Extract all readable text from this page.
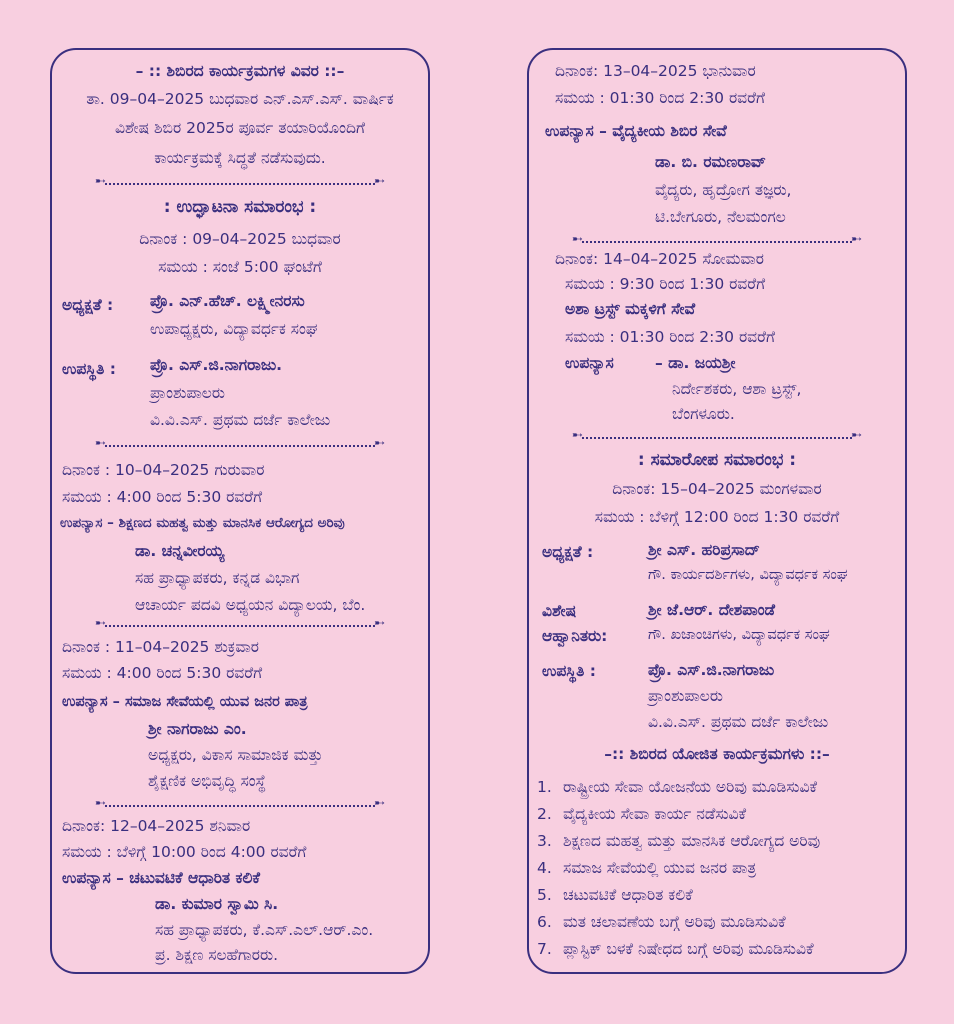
– :: ಶಿಬಿರದ ಕಾರ್ಯಕ್ರಮಗಳ ವಿವರ ::–
ತಾ. 09–04–2025 ಬುಧವಾರ ಎನ್.ಎಸ್.ಎಸ್. ವಾರ್ಷಿಕ
ವಿಶೇಷ ಶಿಬಿರ 2025ರ ಪೂರ್ವ ತಯಾರಿಯೊಂದಿಗೆ
ಕಾರ್ಯಕ್ರಮಕ್ಕೆ ಸಿದ್ಧತೆ ನಡೆಸುವುದು.
➸	➸
: ಉದ್ಘಾಟನಾ ಸಮಾರಂಭ :
ದಿನಾಂಕ : 09–04–2025 ಬುಧವಾರ
ಸಮಯ : ಸಂಜೆ 5:00 ಘಂಟೆಗೆ
ಅಧ್ಯಕ್ಷತೆ : ಪ್ರೊ. ಎನ್.ಹೆಚ್. ಲಕ್ಷ್ಮೀನರಸು
ಉಪಾಧ್ಯಕ್ಷರು, ವಿದ್ಯಾವರ್ಧಕ ಸಂಘ
ಉಪಸ್ಥಿತಿ : ಪ್ರೊ. ಎಸ್.ಜಿ.ನಾಗರಾಜು.
ಪ್ರಾಂಶುಪಾಲರು
ವಿ.ವಿ.ಎಸ್. ಪ್ರಥಮ ದರ್ಜೆ ಕಾಲೇಜು
➸	➸
ದಿನಾಂಕ : 10–04–2025 ಗುರುವಾರ
ಸಮಯ : 4:00 ರಿಂದ 5:30 ರವರೆಗೆ
ಉಪನ್ಯಾಸ – ಶಿಕ್ಷಣದ ಮಹತ್ವ ಮತ್ತು ಮಾನಸಿಕ ಆರೋಗ್ಯದ ಅರಿವು
ಡಾ. ಚನ್ನವೀರಯ್ಯ
ಸಹ ಪ್ರಾಧ್ಯಾಪಕರು, ಕನ್ನಡ ವಿಭಾಗ
ಆಚಾರ್ಯ ಪದವಿ ಅಧ್ಯಯನ ವಿದ್ಯಾಲಯ, ಬೆಂ.
➸	➸
ದಿನಾಂಕ : 11–04–2025 ಶುಕ್ರವಾರ
ಸಮಯ : 4:00 ರಿಂದ 5:30 ರವರೆಗೆ
ಉಪನ್ಯಾಸ – ಸಮಾಜ ಸೇವೆಯಲ್ಲಿ ಯುವ ಜನರ ಪಾತ್ರ
ಶ್ರೀ ನಾಗರಾಜು ಎಂ.
ಅಧ್ಯಕ್ಷರು, ವಿಕಾಸ ಸಾಮಾಜಿಕ ಮತ್ತು
ಶೈಕ್ಷಣಿಕ ಅಭಿವೃದ್ಧಿ ಸಂಸ್ಥೆ
➸	➸
ದಿನಾಂಕ: 12–04–2025 ಶನಿವಾರ
ಸಮಯ : ಬೆಳಿಗ್ಗೆ 10:00 ರಿಂದ 4:00 ರವರೆಗೆ
ಉಪನ್ಯಾಸ – ಚಟುವಟಿಕೆ ಆಧಾರಿತ ಕಲಿಕೆ
ಡಾ. ಕುಮಾರ ಸ್ವಾಮಿ ಸಿ.
ಸಹ ಪ್ರಾಧ್ಯಾಪಕರು, ಕೆ.ಎಸ್.ಎಲ್.ಆರ್.ಎಂ.
ಪ್ರ. ಶಿಕ್ಷಣ ಸಲಹೆಗಾರರು.
ದಿನಾಂಕ: 13–04–2025 ಭಾನುವಾರ
ಸಮಯ : 01:30 ರಿಂದ 2:30 ರವರೆಗೆ
ಉಪನ್ಯಾಸ – ವೈದ್ಯಕೀಯ ಶಿಬಿರ ಸೇವೆ
ಡಾ. ಬಿ. ರಮಣರಾವ್
ವೈದ್ಯರು, ಹೃದ್ರೋಗ ತಜ್ಞರು,
ಟಿ.ಬೇಗೂರು, ನೆಲಮಂಗಲ
➸	➸
ದಿನಾಂಕ: 14–04–2025 ಸೋಮವಾರ
ಸಮಯ : 9:30 ರಿಂದ 1:30 ರವರೆಗೆ
ಅಶಾ ಟ್ರಸ್ಟ್ ಮಕ್ಕಳಿಗೆ ಸೇವೆ
ಸಮಯ : 01:30 ರಿಂದ 2:30 ರವರೆಗೆ
ಉಪನ್ಯಾಸ	– ಡಾ. ಜಯಶ್ರೀ
ನಿರ್ದೇಶಕರು, ಆಶಾ ಟ್ರಸ್ಟ್,
ಬೆಂಗಳೂರು.
➸	➸
: ಸಮಾರೋಪ ಸಮಾರಂಭ :
ದಿನಾಂಕ: 15–04–2025 ಮಂಗಳವಾರ
ಸಮಯ : ಬೆಳಿಗ್ಗೆ 12:00 ರಿಂದ 1:30 ರವರೆಗೆ
ಅಧ್ಯಕ್ಷತೆ :	ಶ್ರೀ ಎಸ್. ಹರಿಪ್ರಸಾದ್
ಗೌ. ಕಾರ್ಯದರ್ಶಿಗಳು, ವಿದ್ಯಾವರ್ಧಕ ಸಂಘ
ವಿಶೇಷ
ಆಹ್ವಾನಿತರು:
ಶ್ರೀ ಜೆ.ಆರ್. ದೇಶಪಾಂಡೆ
ಗೌ. ಖಜಾಂಚಿಗಳು, ವಿದ್ಯಾವರ್ಧಕ ಸಂಘ
ಉಪಸ್ಥಿತಿ :	ಪ್ರೊ. ಎಸ್.ಜಿ.ನಾಗರಾಜು
ಪ್ರಾಂಶುಪಾಲರು
ವಿ.ವಿ.ಎಸ್. ಪ್ರಥಮ ದರ್ಜೆ ಕಾಲೇಜು
–:: ಶಿಬಿರದ ಯೋಜಿತ ಕಾರ್ಯಕ್ರಮಗಳು ::–
1. ರಾಷ್ಟ್ರೀಯ ಸೇವಾ ಯೋಜನೆಯ ಅರಿವು ಮೂಡಿಸುವಿಕೆ
2. ವೈದ್ಯಕೀಯ ಸೇವಾ ಕಾರ್ಯ ನಡೆಸುವಿಕೆ
3. ಶಿಕ್ಷಣದ ಮಹತ್ವ ಮತ್ತು ಮಾನಸಿಕ ಆರೋಗ್ಯದ ಅರಿವು
4. ಸಮಾಜ ಸೇವೆಯಲ್ಲಿ ಯುವ ಜನರ ಪಾತ್ರ
5. ಚಟುವಟಿಕೆ ಆಧಾರಿತ ಕಲಿಕೆ
6. ಮತ ಚಲಾವಣೆಯ ಬಗ್ಗೆ ಅರಿವು ಮೂಡಿಸುವಿಕೆ
7. ಪ್ಲಾಸ್ಟಿಕ್ ಬಳಕೆ ನಿಷೇಧದ ಬಗ್ಗೆ ಅರಿವು ಮೂಡಿಸುವಿಕೆ
